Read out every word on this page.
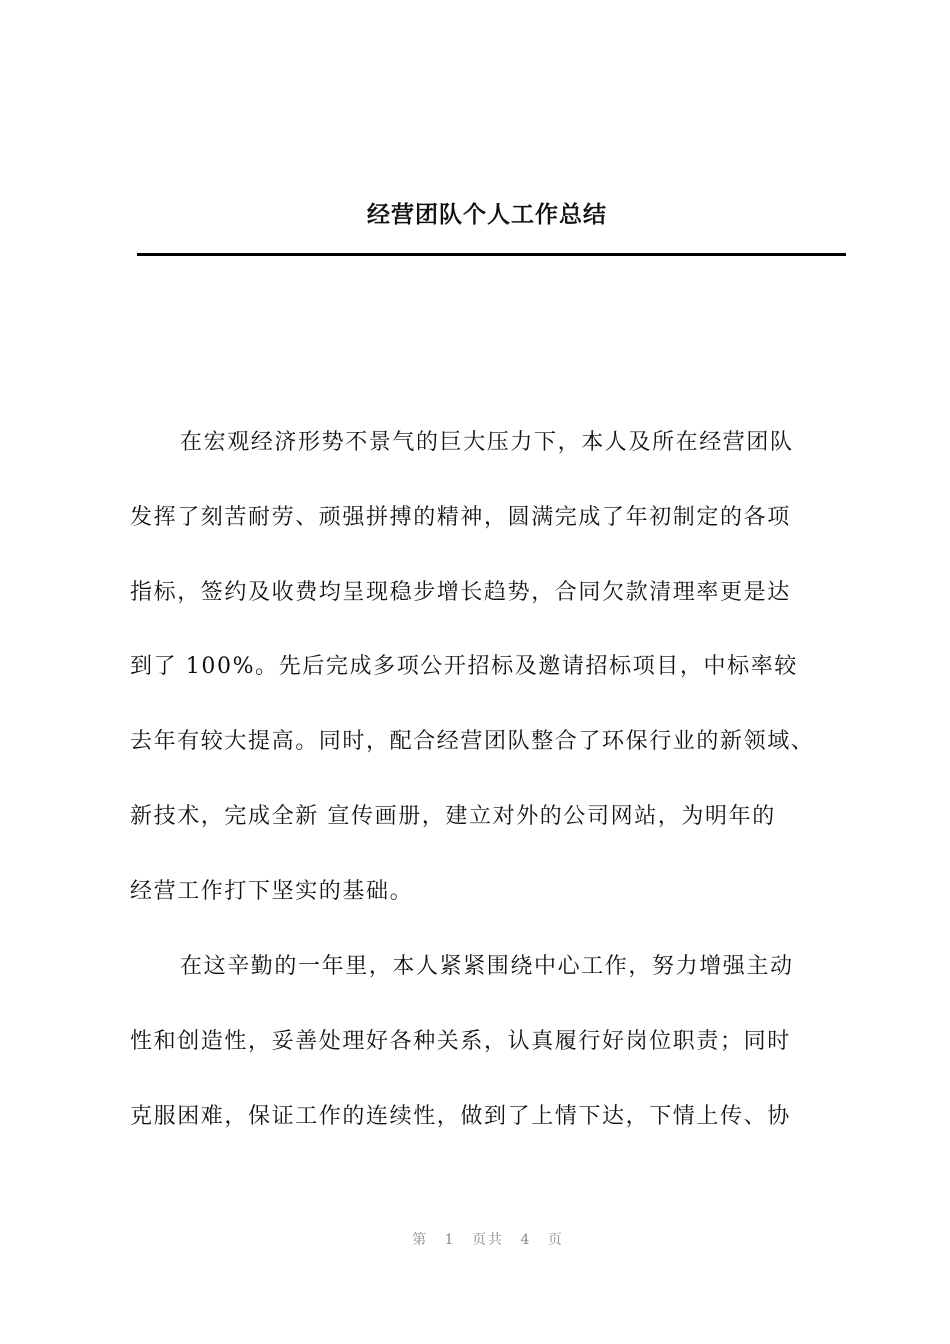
经营团队个人工作总结
在宏观经济形势不景气的巨大压力下，本人及所在经营团队
发挥了刻苦耐劳、顽强拼搏的精神，圆满完成了年初制定的各项
指标，签约及收费均呈现稳步增长趋势，合同欠款清理率更是达
到了 100%。先后完成多项公开招标及邀请招标项目，中标率较
去年有较大提高。同时，配合经营团队整合了环保行业的新领域、
新技术，完成全新 宣传画册，建立对外的公司网站，为明年的
经营工作打下坚实的基础。
在这辛勤的一年里，本人紧紧围绕中心工作，努力增强主动
性和创造性，妥善处理好各种关系，认真履行好岗位职责；同时
克服困难，保证工作的连续性，做到了上情下达，下情上传、协
第 1 页共 4 页
